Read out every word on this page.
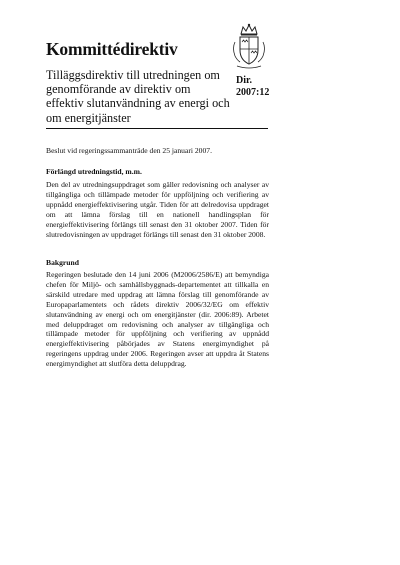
Kommittédirektiv
Tilläggsdirektiv till utredningen om genomförande av direktiv om effektiv slutanvändning av energi och om energitjänster
Dir.
2007:12

Beslut vid regeringssammanträde den 25 januari 2007.

Förlängd utredningstid, m.m.

Den del av utredningsuppdraget som gäller redovisning och analyser av tillgängliga och tillämpade metoder för uppföljning och verifiering av uppnådd energieffektivisering utgår. Tiden för att delredovisa uppdraget om att lämna förslag till en nationell handlingsplan för energieffektivisering förlängs till senast den 31 oktober 2007. Tiden för slutredovisningen av uppdraget förlängs till senast den 31 oktober 2008.

Bakgrund

Regeringen beslutade den 14 juni 2006 (M2006/2586/E) att bemyndiga chefen för Miljö- och samhällsbyggnads-departementet att tillkalla en särskild utredare med uppdrag att lämna förslag till genomförande av Europaparlamentets och rådets direktiv 2006/32/EG om effektiv slutanvändning av energi och om energitjänster (dir. 2006:89). Arbetet med deluppdraget om redovisning och analyser av tillgängliga och tillämpade metoder för uppföljning och verifiering av uppnådd energieffektivisering påbörjades av Statens energimyndighet på regeringens uppdrag under 2006. Regeringen avser att uppdra åt Statens energimyndighet att slutföra detta deluppdrag.
